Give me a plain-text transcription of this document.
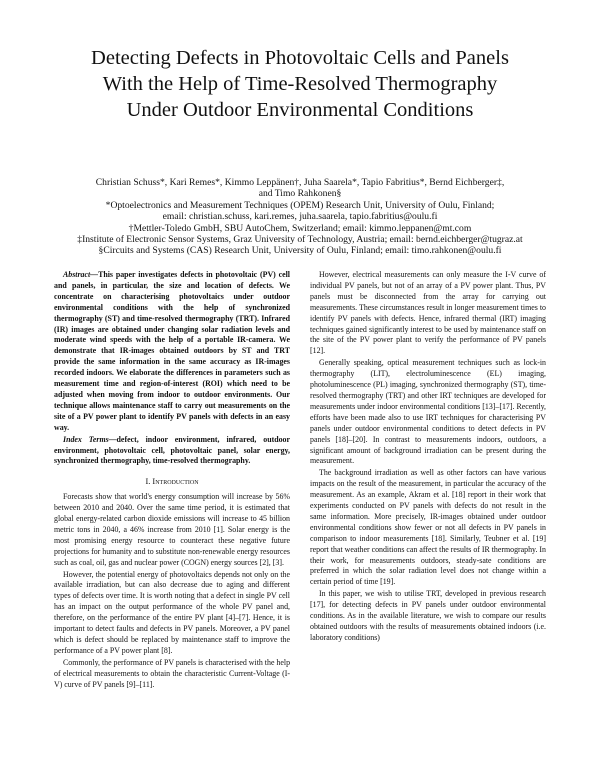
Detecting Defects in Photovoltaic Cells and Panels
With the Help of Time-Resolved Thermography
Under Outdoor Environmental Conditions
Christian Schuss*, Kari Remes*, Kimmo Leppänen†, Juha Saarela*, Tapio Fabritius*, Bernd Eichberger‡,
and Timo Rahkonen§
*Optoelectronics and Measurement Techniques (OPEM) Research Unit, University of Oulu, Finland;
email: christian.schuss, kari.remes, juha.saarela, tapio.fabritius@oulu.fi
†Mettler-Toledo GmbH, SBU AutoChem, Switzerland; email: kimmo.leppanen@mt.com
‡Institute of Electronic Sensor Systems, Graz University of Technology, Austria; email: bernd.eichberger@tugraz.at
§Circuits and Systems (CAS) Research Unit, University of Oulu, Finland; email: timo.rahkonen@oulu.fi

Abstract—This paper investigates defects in photovoltaic (PV) cell and panels, in particular, the size and location of defects. We concentrate on characterising photovoltaics under outdoor environmental conditions with the help of synchronized thermography (ST) and time-resolved thermography (TRT). Infrared (IR) images are obtained under changing solar radiation levels and moderate wind speeds with the help of a portable IR-camera. We demonstrate that IR-images obtained outdoors by ST and TRT provide the same information in the same accuracy as IR-images recorded indoors. We elaborate the differences in parameters such as measurement time and region-of-interest (ROI) which need to be adjusted when moving from indoor to outdoor environments. Our technique allows maintenance staff to carry out measurements on the site of a PV power plant to identify PV panels with defects in an easy way.

Index Terms—defect, indoor environment, infrared, outdoor environment, photovoltaic cell, photovoltaic panel, solar energy, synchronized thermography, time-resolved thermography.

I. Introduction

Forecasts show that world's energy consumption will increase by 56% between 2010 and 2040. Over the same time period, it is estimated that global energy-related carbon dioxide emissions will increase to 45 billion metric tons in 2040, a 46% increase from 2010 [1]. Solar energy is the most promising energy resource to counteract these negative future projections for humanity and to substitute non-renewable energy resources such as coal, oil, gas and nuclear power (COGN) energy sources [2], [3].

However, the potential energy of photovoltaics depends not only on the available irradiation, but can also decrease due to aging and different types of defects over time. It is worth noting that a defect in single PV cell has an impact on the output performance of the whole PV panel and, therefore, on the performance of the entire PV plant [4]–[7]. Hence, it is important to detect faults and defects in PV panels. Moreover, a PV panel which is defect should be replaced by maintenance staff to improve the performance of a PV power plant [8].

Commonly, the performance of PV panels is characterised with the help of electrical measurements to obtain the characteristic Current-Voltage (I-V) curve of PV panels [9]–[11].

However, electrical measurements can only measure the I-V curve of individual PV panels, but not of an array of a PV power plant. Thus, PV panels must be disconnected from the array for carrying out measurements. These circumstances result in longer measurement times to identify PV panels with defects. Hence, infrared thermal (IRT) imaging techniques gained significantly interest to be used by maintenance staff on the site of the PV power plant to verify the performance of PV panels [12].

Generally speaking, optical measurement techniques such as lock-in thermography (LIT), electroluminescence (EL) imaging, photoluminescence (PL) imaging, synchronized thermography (ST), time-resolved thermography (TRT) and other IRT techniques are developed for measurements under indoor environmental conditions [13]–[17]. Recently, efforts have been made also to use IRT techniques for characterising PV panels under outdoor environmental conditions to detect defects in PV panels [18]–[20]. In contrast to measurements indoors, outdoors, a significant amount of background irradiation can be present during the measurement.

The background irradiation as well as other factors can have various impacts on the result of the measurement, in particular the accuracy of the measurement. As an example, Akram et al. [18] report in their work that experiments conducted on PV panels with defects do not result in the same information. More precisely, IR-images obtained under outdoor environmental conditions show fewer or not all defects in PV panels in comparison to indoor measurements [18]. Similarly, Teubner et al. [19] report that weather conditions can affect the results of IR thermography. In their work, for measurements outdoors, steady-sate conditions are preferred in which the solar radiation level does not change within a certain period of time [19].

In this paper, we wish to utilise TRT, developed in previous research [17], for detecting defects in PV panels under outdoor environmental conditions. As in the available literature, we wish to compare our results obtained outdoors with the results of measurements obtained indoors (i.e. laboratory conditions)
